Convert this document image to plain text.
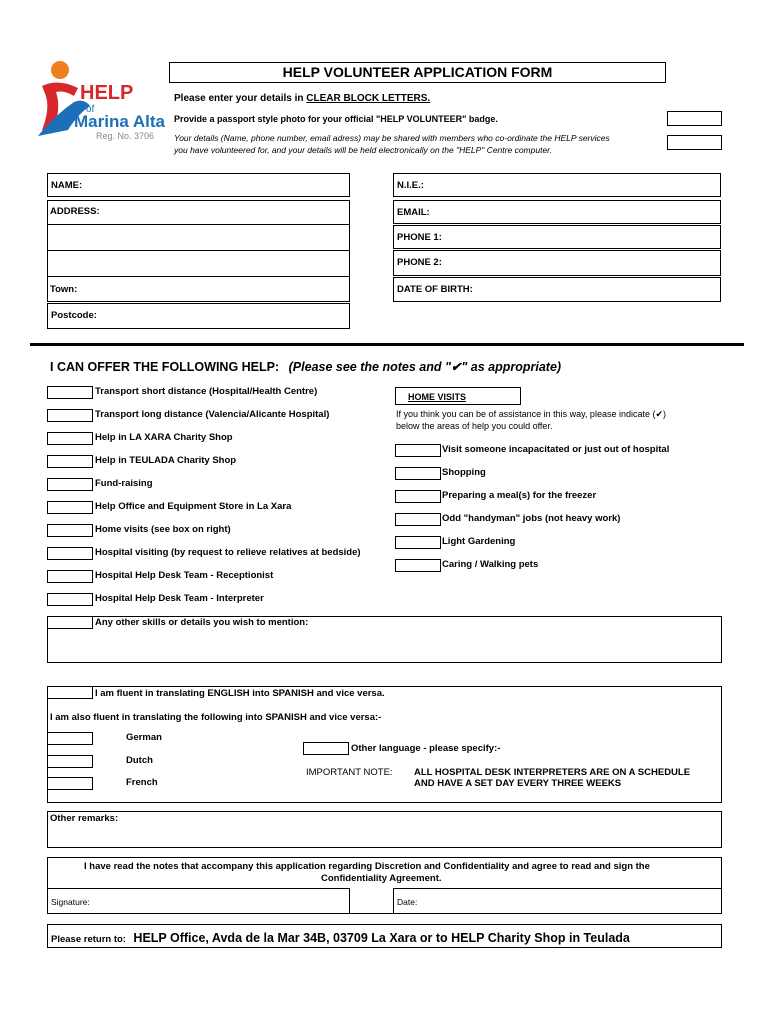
HELP
of
Marina Alta
Reg. No. 3706
HELP VOLUNTEER APPLICATION FORM
Please enter your details in CLEAR BLOCK LETTERS.
Provide a passport style photo for your official "HELP VOLUNTEER" badge.
Your details (Name, phone number, email adress) may be shared with members who co-ordinate the HELP services
you have volunteered for, and your details will be held electronically on the "HELP" Centre computer.
NAME:	N.I.E.:
ADDRESS:
Town:
EMAIL:
PHONE 1:
PHONE 2:
DATE OF BIRTH:
Postcode:
I CAN OFFER THE FOLLOWING HELP: (Please see the notes and "✔" as appropriate)
Transport short distance (Hospital/Health Centre)
Transport long distance (Valencia/Alicante Hospital)
Help in LA XARA Charity Shop
Help in TEULADA Charity Shop
Fund-raising
Help Office and Equipment Store in La Xara
Home visits (see box on right)
Hospital visiting (by request to relieve relatives at bedside)
Hospital Help Desk Team - Receptionist
Hospital Help Desk Team - Interpreter
HOME VISITS
If you think you can be of assistance in this way, please indicate (✔)
below the areas of help you could offer.
Visit someone incapacitated or just out of hospital
Shopping
Preparing a meal(s) for the freezer
Odd "handyman" jobs (not heavy work)
Light Gardening
Caring / Walking pets
Any other skills or details you wish to mention:
I am fluent in translating ENGLISH into SPANISH and vice versa.
I am also fluent in translating the following into SPANISH and vice versa:-
German
Dutch
French
Other language - please specify:-
IMPORTANT NOTE: ALL HOSPITAL DESK INTERPRETERS ARE ON A SCHEDULE
AND HAVE A SET DAY EVERY THREE WEEKS
Other remarks:
I have read the notes that accompany this application regarding Discretion and Confidentiality and agree to read and sign the
Confidentiality Agreement.
Signature:	Date:
Please return to: HELP Office, Avda de la Mar 34B, 03709 La Xara or to HELP Charity Shop in Teulada
